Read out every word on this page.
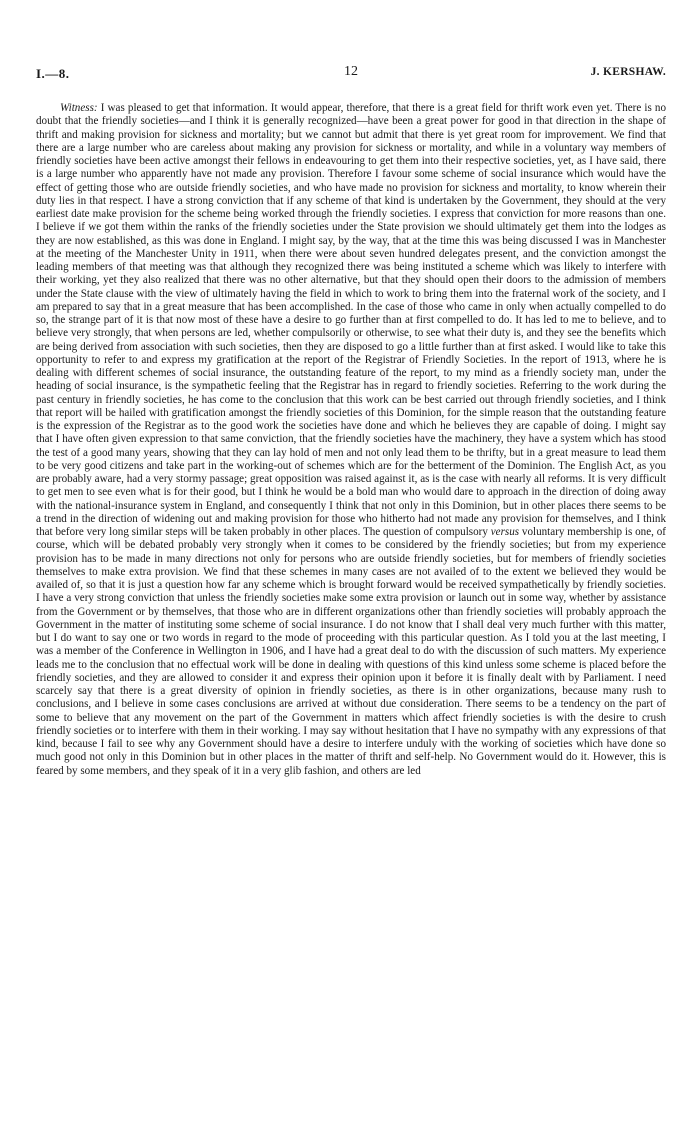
I.—8.	12	J. KERSHAW.

Witness: I was pleased to get that information. It would appear, therefore, that there is a great field for thrift work even yet. There is no doubt that the friendly societies—and I think it is generally recognized—have been a great power for good in that direction in the shape of thrift and making provision for sickness and mortality; but we cannot but admit that there is yet great room for improvement. We find that there are a large number who are careless about making any provision for sickness or mortality, and while in a voluntary way members of friendly societies have been active amongst their fellows in endeavouring to get them into their respective societies, yet, as I have said, there is a large number who apparently have not made any provision. Therefore I favour some scheme of social insurance which would have the effect of getting those who are outside friendly societies, and who have made no provision for sickness and mortality, to know wherein their duty lies in that respect. I have a strong conviction that if any scheme of that kind is undertaken by the Government, they should at the very earliest date make provision for the scheme being worked through the friendly societies. I express that conviction for more reasons than one. I believe if we got them within the ranks of the friendly societies under the State provision we should ultimately get them into the lodges as they are now established, as this was done in England. I might say, by the way, that at the time this was being discussed I was in Manchester at the meeting of the Manchester Unity in 1911, when there were about seven hundred delegates present, and the conviction amongst the leading members of that meeting was that although they recognized there was being instituted a scheme which was likely to interfere with their working, yet they also realized that there was no other alternative, but that they should open their doors to the admission of members under the State clause with the view of ultimately having the field in which to work to bring them into the fraternal work of the society, and I am prepared to say that in a great measure that has been accomplished. In the case of those who came in only when actually compelled to do so, the strange part of it is that now most of these have a desire to go further than at first compelled to do. It has led to me to believe, and to believe very strongly, that when persons are led, whether compulsorily or otherwise, to see what their duty is, and they see the benefits which are being derived from association with such societies, then they are disposed to go a little further than at first asked. I would like to take this opportunity to refer to and express my gratification at the report of the Registrar of Friendly Societies. In the report of 1913, where he is dealing with different schemes of social insurance, the outstanding feature of the report, to my mind as a friendly society man, under the heading of social insurance, is the sympathetic feeling that the Registrar has in regard to friendly societies. Referring to the work during the past century in friendly societies, he has come to the conclusion that this work can be best carried out through friendly societies, and I think that report will be hailed with gratification amongst the friendly societies of this Dominion, for the simple reason that the outstanding feature is the expression of the Registrar as to the good work the societies have done and which he believes they are capable of doing. I might say that I have often given expression to that same conviction, that the friendly societies have the machinery, they have a system which has stood the test of a good many years, showing that they can lay hold of men and not only lead them to be thrifty, but in a great measure to lead them to be very good citizens and take part in the working-out of schemes which are for the betterment of the Dominion. The English Act, as you are probably aware, had a very stormy passage; great opposition was raised against it, as is the case with nearly all reforms. It is very difficult to get men to see even what is for their good, but I think he would be a bold man who would dare to approach in the direction of doing away with the national-insurance system in England, and consequently I think that not only in this Dominion, but in other places there seems to be a trend in the direction of widening out and making provision for those who hitherto had not made any provision for themselves, and I think that before very long similar steps will be taken probably in other places. The question of compulsory versus voluntary membership is one, of course, which will be debated probably very strongly when it comes to be considered by the friendly societies; but from my experience provision has to be made in many directions not only for persons who are outside friendly societies, but for members of friendly societies themselves to make extra provision. We find that these schemes in many cases are not availed of to the extent we believed they would be availed of, so that it is just a question how far any scheme which is brought forward would be received sympathetically by friendly societies. I have a very strong conviction that unless the friendly societies make some extra provision or launch out in some way, whether by assistance from the Government or by themselves, that those who are in different organizations other than friendly societies will probably approach the Government in the matter of instituting some scheme of social insurance. I do not know that I shall deal very much further with this matter, but I do want to say one or two words in regard to the mode of proceeding with this particular question. As I told you at the last meeting, I was a member of the Conference in Wellington in 1906, and I have had a great deal to do with the discussion of such matters. My experience leads me to the conclusion that no effectual work will be done in dealing with questions of this kind unless some scheme is placed before the friendly societies, and they are allowed to consider it and express their opinion upon it before it is finally dealt with by Parliament. I need scarcely say that there is a great diversity of opinion in friendly societies, as there is in other organizations, because many rush to conclusions, and I believe in some cases conclusions are arrived at without due consideration. There seems to be a tendency on the part of some to believe that any movement on the part of the Government in matters which affect friendly societies is with the desire to crush friendly societies or to interfere with them in their working. I may say without hesitation that I have no sympathy with any expressions of that kind, because I fail to see why any Government should have a desire to interfere unduly with the working of societies which have done so much good not only in this Dominion but in other places in the matter of thrift and self-help. No Government would do it. However, this is feared by some members, and they speak of it in a very glib fashion, and others are led
